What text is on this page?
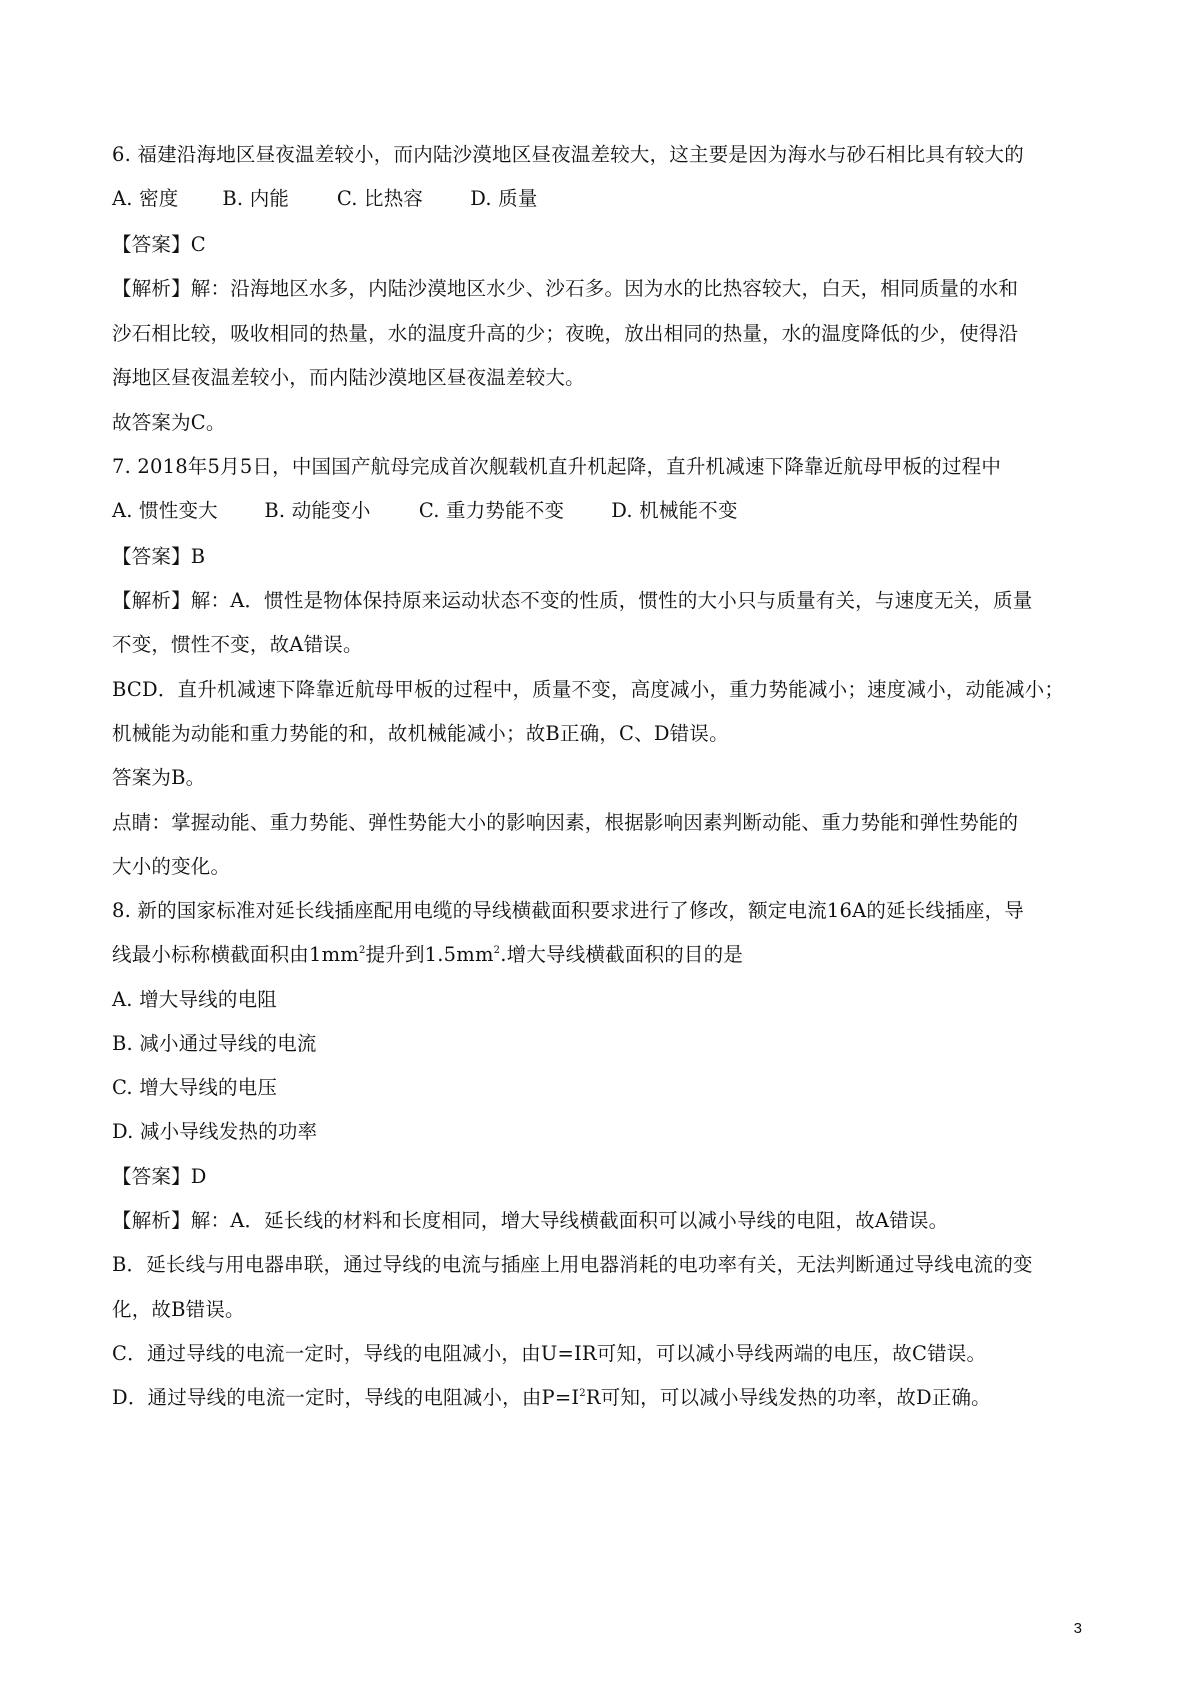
6. 福建沿海地区昼夜温差较小，而内陆沙漠地区昼夜温差较大，这主要是因为海水与砂石相比具有较大的
A. 密度 B. 内能 C. 比热容 D. 质量
【答案】C
【解析】解：沿海地区水多，内陆沙漠地区水少、沙石多。因为水的比热容较大，白天，相同质量的水和
沙石相比较，吸收相同的热量，水的温度升高的少；夜晚，放出相同的热量，水的温度降低的少，使得沿
海地区昼夜温差较小，而内陆沙漠地区昼夜温差较大。
故答案为C。
7. 2018年5月5日，中国国产航母完成首次舰载机直升机起降，直升机减速下降靠近航母甲板的过程中
A. 惯性变大 B. 动能变小 C. 重力势能不变 D. 机械能不变
【答案】B
【解析】解：A．惯性是物体保持原来运动状态不变的性质，惯性的大小只与质量有关，与速度无关，质量
不变，惯性不变，故A错误。
BCD．直升机减速下降靠近航母甲板的过程中，质量不变，高度减小，重力势能减小；速度减小，动能减小；
机械能为动能和重力势能的和，故机械能减小；故B正确，C、D错误。
答案为B。
点睛：掌握动能、重力势能、弹性势能大小的影响因素，根据影响因素判断动能、重力势能和弹性势能的
大小的变化。
8. 新的国家标准对延长线插座配用电缆的导线横截面积要求进行了修改，额定电流16A的延长线插座，导
线最小标称横截面积由$1mm^2$提升到$1.5mm^2$.增大导线横截面积的目的是
A. 增大导线的电阻
B. 减小通过导线的电流
C. 增大导线的电压
D. 减小导线发热的功率
【答案】D
【解析】解：A．延长线的材料和长度相同，增大导线横截面积可以减小导线的电阻，故A错误。
B．延长线与用电器串联，通过导线的电流与插座上用电器消耗的电功率有关，无法判断通过导线电流的变
化，故B错误。
C．通过导线的电流一定时，导线的电阻减小，由U=IR可知，可以减小导线两端的电压，故C错误。
D．通过导线的电流一定时，导线的电阻减小，由$P=I^2R$可知，可以减小导线发热的功率，故D正确。
3
